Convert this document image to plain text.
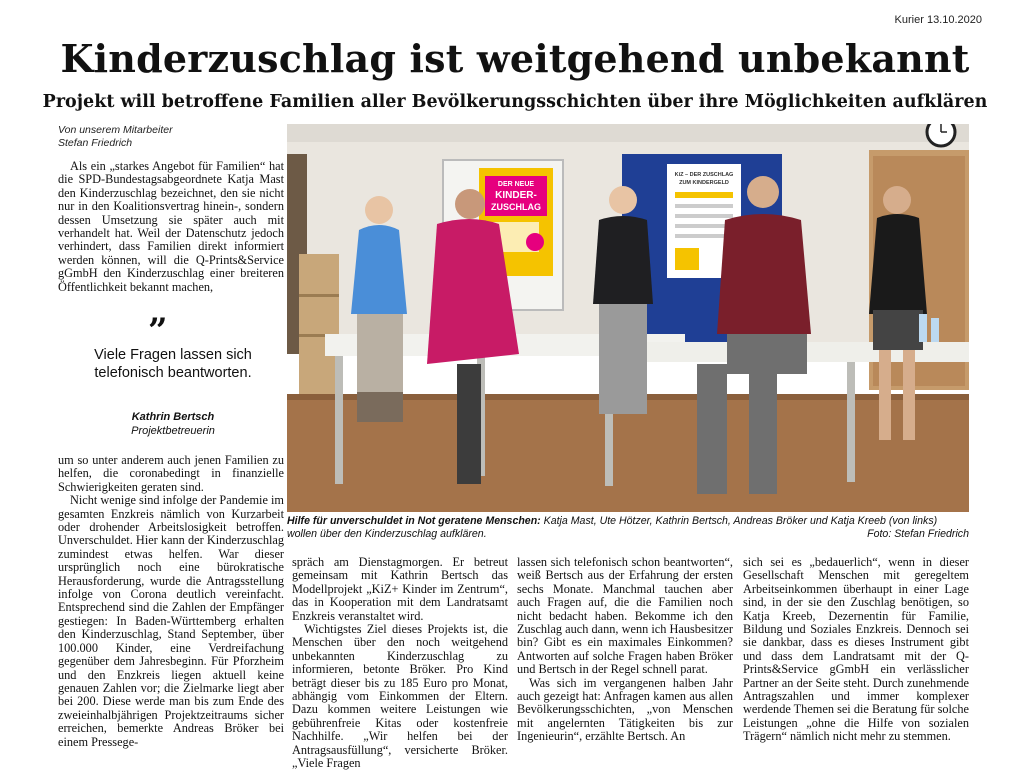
Kurier 13.10.2020
Kinderzuschlag ist weitgehend unbekannt
Projekt will betroffene Familien aller Bevölkerungsschichten über ihre Möglichkeiten aufklären
Von unserem Mitarbeiter
Stefan Friedrich

Als ein „starkes Angebot für Familien“ hat die SPD-Bundestagsabgeordnete Katja Mast den Kinderzuschlag bezeichnet, den sie nicht nur in den Koalitionsvertrag hinein-, sondern dessen Umsetzung sie später auch mit verhandelt hat. Weil der Datenschutz jedoch verhindert, dass Familien direkt informiert werden können, will die Q-Prints&Service gGmbH den Kinderzuschlag einer breiteren Öffentlichkeit bekannt machen,

”
Viele Fragen lassen sich telefonisch beantworten.
Kathrin Bertsch
Projektbetreuerin

um so unter anderem auch jenen Familien zu helfen, die coronabedingt in finanzielle Schwierigkeiten geraten sind.

Nicht wenige sind infolge der Pandemie im gesamten Enzkreis nämlich von Kurzarbeit oder drohender Arbeitslosigkeit betroffen. Unverschuldet. Hier kann der Kinderzuschlag zumindest etwas helfen. War dieser ursprünglich noch eine bürokratische Herausforderung, wurde die Antragsstellung infolge von Corona deutlich vereinfacht. Entsprechend sind die Zahlen der Empfänger gestiegen: In Baden-Württemberg erhalten den Kinderzuschlag, Stand September, über 100.000 Kinder, eine Verdreifachung gegenüber dem Jahresbeginn. Für Pforzheim und den Enzkreis liegen aktuell keine genauen Zahlen vor; die Zielmarke liegt aber bei 200. Diese werde man bis zum Ende des zweieinhalbjährigen Projektzeitraums sicher erreichen, bemerkte Andreas Bröker bei einem Pressege-

DER NEUE
KINDER-
ZUSCHLAG
KiZ – DER ZUSCHLAG
ZUM KINDERGELD
Hilfe für unverschuldet in Not geratene Menschen: Katja Mast, Ute Hötzer, Kathrin Bertsch, Andreas Bröker und Katja Kreeb (von links) wollen über den Kinderzuschlag aufklären.	Foto: Stefan Friedrich

spräch am Dienstagmorgen. Er betreut gemeinsam mit Kathrin Bertsch das Modellprojekt „KiZ+ Kinder im Zentrum“, das in Kooperation mit dem Landratsamt Enzkreis veranstaltet wird.

Wichtigstes Ziel dieses Projekts ist, die Menschen über den noch weitgehend unbekannten Kinderzuschlag zu informieren, betonte Bröker. Pro Kind beträgt dieser bis zu 185 Euro pro Monat, abhängig vom Einkommen der Eltern. Dazu kommen weitere Leistungen wie gebührenfreie Kitas oder kostenfreie Nachhilfe. „Wir helfen bei der Antragsausfüllung“, versicherte Bröker. „Viele Fragen

lassen sich telefonisch schon beantworten“, weiß Bertsch aus der Erfahrung der ersten sechs Monate. Manchmal tauchen aber auch Fragen auf, die die Familien noch nicht bedacht haben. Bekomme ich den Zuschlag auch dann, wenn ich Hausbesitzer bin? Gibt es ein maximales Einkommen? Antworten auf solche Fragen haben Bröker und Bertsch in der Regel schnell parat.

Was sich im vergangenen halben Jahr auch gezeigt hat: Anfragen kamen aus allen Bevölkerungsschichten, „von Menschen mit angelernten Tätigkeiten bis zur Ingenieurin“, erzählte Bertsch. An

sich sei es „bedauerlich“, wenn in dieser Gesellschaft Menschen mit geregeltem Arbeitseinkommen überhaupt in einer Lage sind, in der sie den Zuschlag benötigen, so Katja Kreeb, Dezernentin für Familie, Bildung und Soziales Enzkreis. Dennoch sei sie dankbar, dass es dieses Instrument gibt und dass dem Landratsamt mit der Q-Prints&Service gGmbH ein verlässlicher Partner an der Seite steht. Durch zunehmende Antragszahlen und immer komplexer werdende Themen sei die Beratung für solche Leistungen „ohne die Hilfe von sozialen Trägern“ nämlich nicht mehr zu stemmen.
